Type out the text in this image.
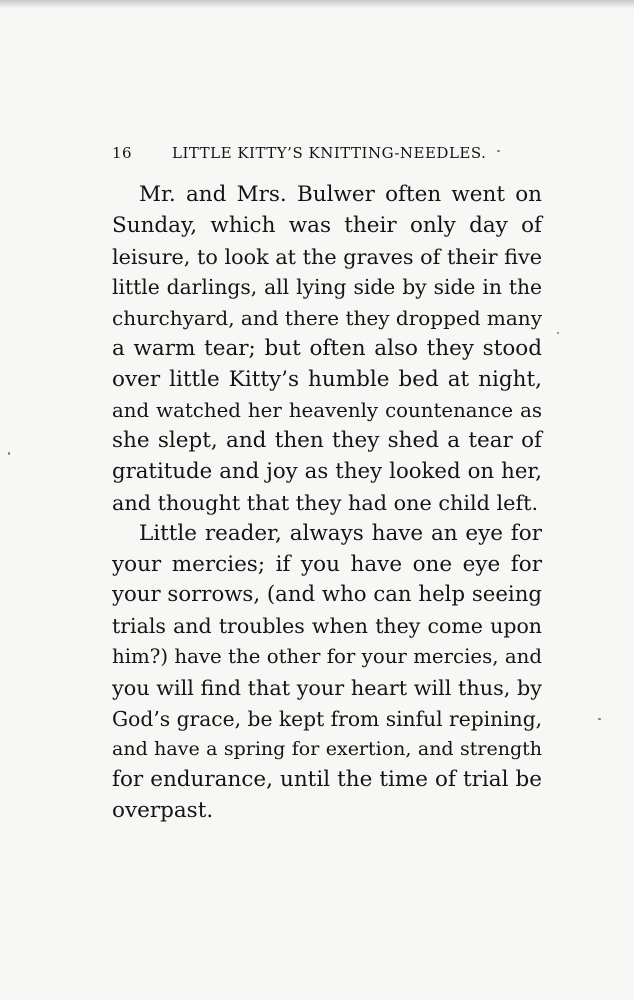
16	LITTLE KITTY’S KNITTING-NEEDLES.
Mr. and Mrs. Bulwer often went on
Sunday, which was their only day of
leisure, to look at the graves of their five
little darlings, all lying side by side in the
churchyard, and there they dropped many
a warm tear; but often also they stood
over little Kitty’s humble bed at night,
and watched her heavenly countenance as
she slept, and then they shed a tear of
gratitude and joy as they looked on her,
and thought that they had one child left.
Little reader, always have an eye for
your mercies; if you have one eye for
your sorrows, (and who can help seeing
trials and troubles when they come upon
him?) have the other for your mercies, and
you will find that your heart will thus, by
God’s grace, be kept from sinful repining,
and have a spring for exertion, and strength
for endurance, until the time of trial be
overpast.
